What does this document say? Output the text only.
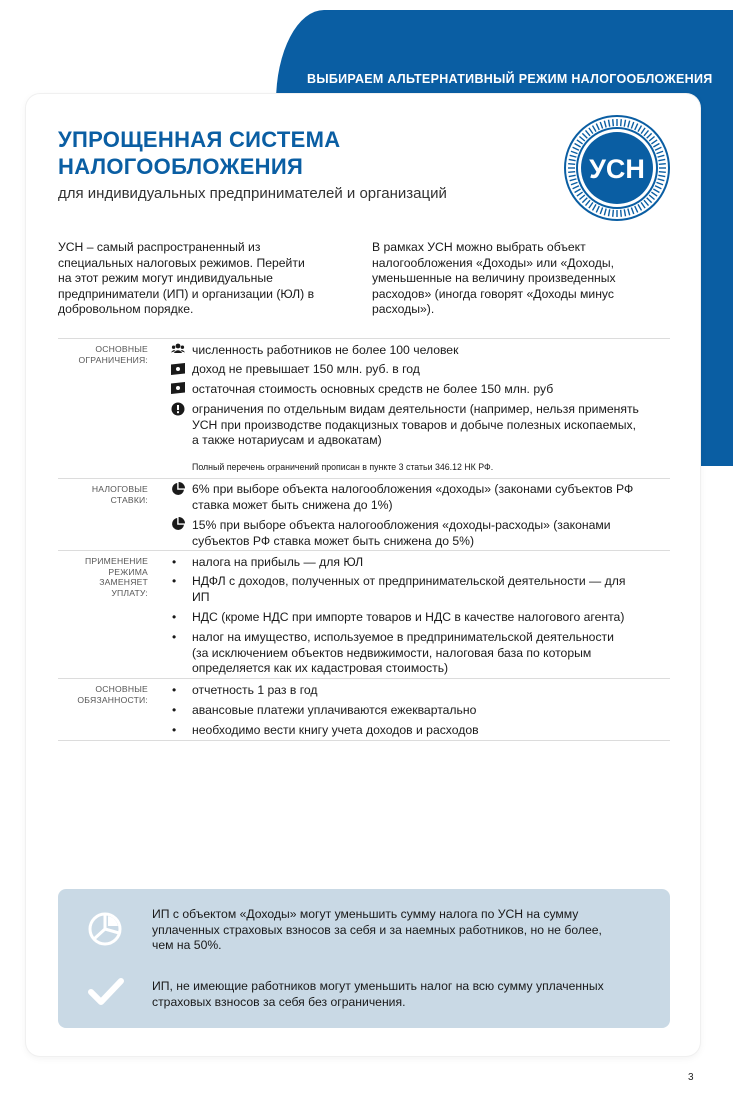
ВЫБИРАЕМ АЛЬТЕРНАТИВНЫЙ РЕЖИМ НАЛОГООБЛОЖЕНИЯ
УПРОЩЕННАЯ СИСТЕМА
НАЛОГООБЛОЖЕНИЯ
для индивидуальных предпринимателей и организаций
УСН
УСН – самый распространенный из
специальных налоговых режимов. Перейти
на этот режим могут индивидуальные
предприниматели (ИП) и организации (ЮЛ) в
добровольном порядке.
В рамках УСН можно выбрать объект
налогообложения «Доходы» или «Доходы,
уменьшенные на величину произведенных
расходов» (иногда говорят «Доходы минус
расходы»).
ОСНОВНЫЕ
ОГРАНИЧЕНИЯ:
численность работников не более 100 человек
доход не превышает 150 млн. руб. в год
остаточная стоимость основных средств не более 150 млн. руб
ограничения по отдельным видам деятельности (например, нельзя применять
УСН при производстве подакцизных товаров и добыче полезных ископаемых,
а также нотариусам и адвокатам)
Полный перечень ограничений прописан в пункте 3 статьи 346.12 НК РФ.
НАЛОГОВЫЕ
СТАВКИ:
6% при выборе объекта налогообложения «доходы» (законами субъектов РФ
ставка может быть снижена до 1%)
15% при выборе объекта налогообложения «доходы-расходы» (законами
субъектов РФ ставка может быть снижена до 5%)
ПРИМЕНЕНИЕ
РЕЖИМА
ЗАМЕНЯЕТ
УПЛАТУ:
• налога на прибыль — для ЮЛ
• НДФЛ с доходов, полученных от предпринимательской деятельности — для
ИП
• НДС (кроме НДС при импорте товаров и НДС в качестве налогового агента)
• налог на имущество, используемое в предпринимательской деятельности
(за исключением объектов недвижимости, налоговая база по которым
определяется как их кадастровая стоимость)
ОСНОВНЫЕ
ОБЯЗАННОСТИ:
• отчетность 1 раз в год
• авансовые платежи уплачиваются ежеквартально
• необходимо вести книгу учета доходов и расходов
ИП с объектом «Доходы» могут уменьшить сумму налога по УСН на сумму
уплаченных страховых взносов за себя и за наемных работников, но не более,
чем на 50%.
ИП, не имеющие работников могут уменьшить налог на всю сумму уплаченных
страховых взносов за себя без ограничения.
3
